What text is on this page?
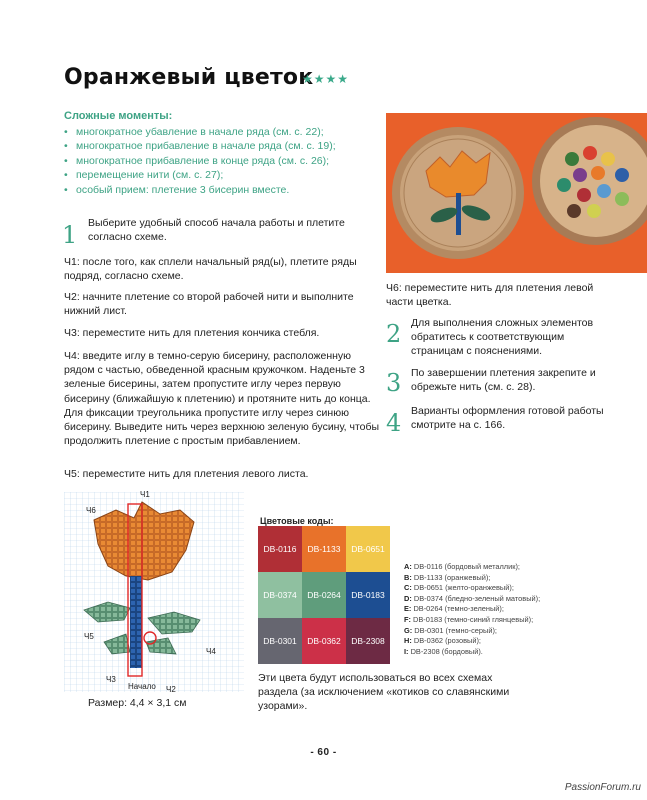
Оранжевый цветок
★★★★
Сложные моменты:
• многократное убавление в начале ряда (см. с. 22);
• многократное прибавление в начале ряда (см. с. 19);
• многократное прибавление в конце ряда (см. с. 26);
• перемещение нити (см. с. 27);
• особый прием: плетение 3 бисерин вместе.
1 Выберите удобный способ начала работы и плетите согласно схеме.
Ч1: после того, как сплели начальный ряд(ы), плетите ряды подряд, согласно схеме.
Ч2: начните плетение со второй рабочей нити и выполните нижний лист.
Ч3: переместите нить для плетения кончика стебля.
Ч4: введите иглу в темно-серую бисерину, расположенную рядом с частью, обведенной красным кружочком. Наденьте 3 зеленые бисерины, затем пропустите иглу через первую бисерину (ближайшую к плетению) и протяните нить до конца. Для фиксации треугольника пропустите иглу через синюю бисерину. Выведите нить через верхнюю зеленую бусину, чтобы продолжить плетение с простым прибавлением.
Ч5: переместите нить для плетения левого листа.
Ч6: переместите нить для плетения левой части цветка.
2 Для выполнения сложных элементов обратитесь к соответствующим страницам с пояснениями.
3 По завершении плетения закрепите и обрежьте нить (см. с. 28).
4 Варианты оформления готовой работы смотрите на с. 166.
Ч1
Ч6
Ч5
Ч4
Ч3
Ч2
Начало
Размер: 4,4 × 3,1 см
Цветовые коды:
DB-0116 DB-1133 DB-0651
DB-0374 DB-0264 DB-0183
DB-0301 DB-0362 DB-2308
A: DB-0116 (бордовый металлик);
B: DB-1133 (оранжевый);
C: DB-0651 (желто-оранжевый);
D: DB-0374 (бледно-зеленый матовый);
E: DB-0264 (темно-зеленый);
F: DB-0183 (темно-синий глянцевый);
G: DB-0301 (темно-серый);
H: DB-0362 (розовый);
I: DB-2308 (бордовый).
Эти цвета будут использоваться во всех схемах раздела (за исключением «котиков со славянскими узорами».
- 60 -
PassionForum.ru
